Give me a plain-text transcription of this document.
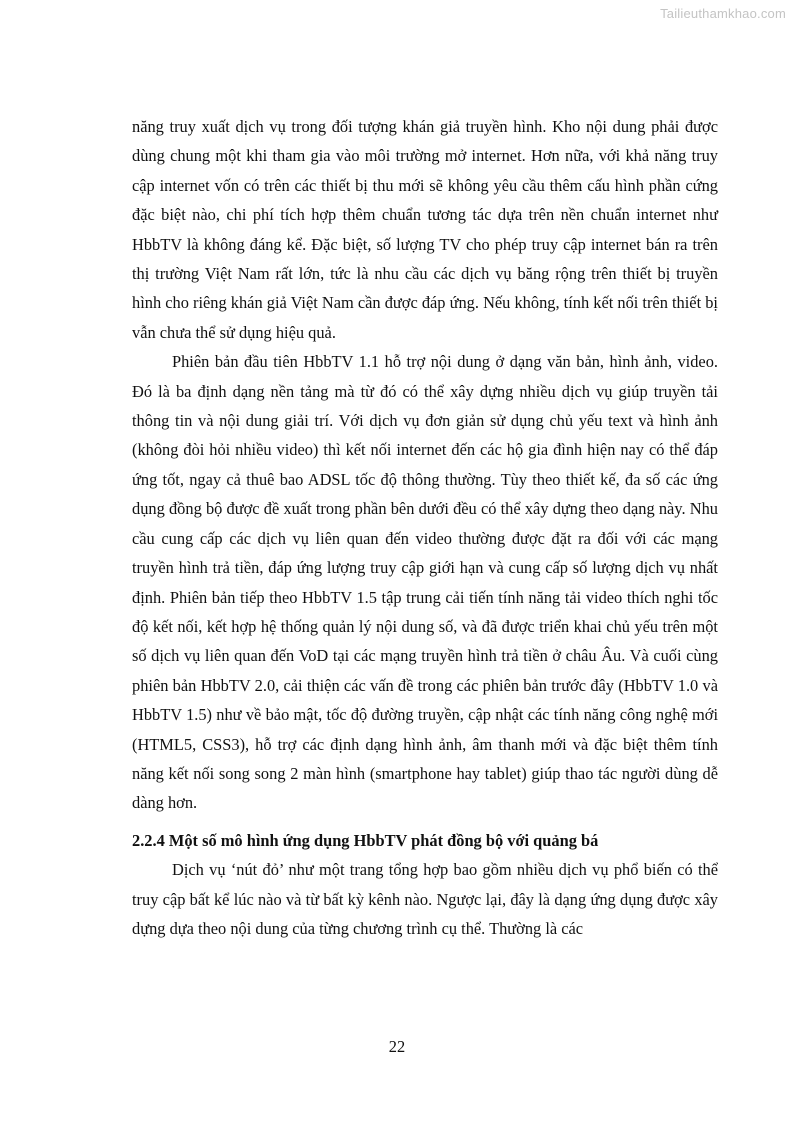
Tailieuthamkhao.com

năng truy xuất dịch vụ trong đối tượng khán giả truyền hình. Kho nội dung phải được dùng chung một khi tham gia vào môi trường mở internet. Hơn nữa, với khả năng truy cập internet vốn có trên các thiết bị thu mới sẽ không yêu cầu thêm cấu hình phần cứng đặc biệt nào, chi phí tích hợp thêm chuẩn tương tác dựa trên nền chuẩn internet như HbbTV là không đáng kể. Đặc biệt, số lượng TV cho phép truy cập internet bán ra trên thị trường Việt Nam rất lớn, tức là nhu cầu các dịch vụ băng rộng trên thiết bị truyền hình cho riêng khán giả Việt Nam cần được đáp ứng. Nếu không, tính kết nối trên thiết bị vẫn chưa thể sử dụng hiệu quả.

Phiên bản đầu tiên HbbTV 1.1 hỗ trợ nội dung ở dạng văn bản, hình ảnh, video. Đó là ba định dạng nền tảng mà từ đó có thể xây dựng nhiều dịch vụ giúp truyền tải thông tin và nội dung giải trí. Với dịch vụ đơn giản sử dụng chủ yếu text và hình ảnh (không đòi hỏi nhiều video) thì kết nối internet đến các hộ gia đình hiện nay có thể đáp ứng tốt, ngay cả thuê bao ADSL tốc độ thông thường. Tùy theo thiết kế, đa số các ứng dụng đồng bộ được đề xuất trong phần bên dưới đều có thể xây dựng theo dạng này. Nhu cầu cung cấp các dịch vụ liên quan đến video thường được đặt ra đối với các mạng truyền hình trả tiền, đáp ứng lượng truy cập giới hạn và cung cấp số lượng dịch vụ nhất định. Phiên bản tiếp theo HbbTV 1.5 tập trung cải tiến tính năng tải video thích nghi tốc độ kết nối, kết hợp hệ thống quản lý nội dung số, và đã được triển khai chủ yếu trên một số dịch vụ liên quan đến VoD tại các mạng truyền hình trả tiền ở châu Âu. Và cuối cùng phiên bản HbbTV 2.0, cải thiện các vấn đề trong các phiên bản trước đây (HbbTV 1.0 và HbbTV 1.5) như về bảo mật, tốc độ đường truyền, cập nhật các tính năng công nghệ mới (HTML5, CSS3), hỗ trợ các định dạng hình ảnh, âm thanh mới và đặc biệt thêm tính năng kết nối song song 2 màn hình (smartphone hay tablet) giúp thao tác người dùng dễ dàng hơn.

2.2.4 Một số mô hình ứng dụng HbbTV phát đồng bộ với quảng bá

Dịch vụ ‘nút đỏ’ như một trang tổng hợp bao gồm nhiều dịch vụ phổ biến có thể truy cập bất kể lúc nào và từ bất kỳ kênh nào. Ngược lại, đây là dạng ứng dụng được xây dựng dựa theo nội dung của từng chương trình cụ thể. Thường là các

22
